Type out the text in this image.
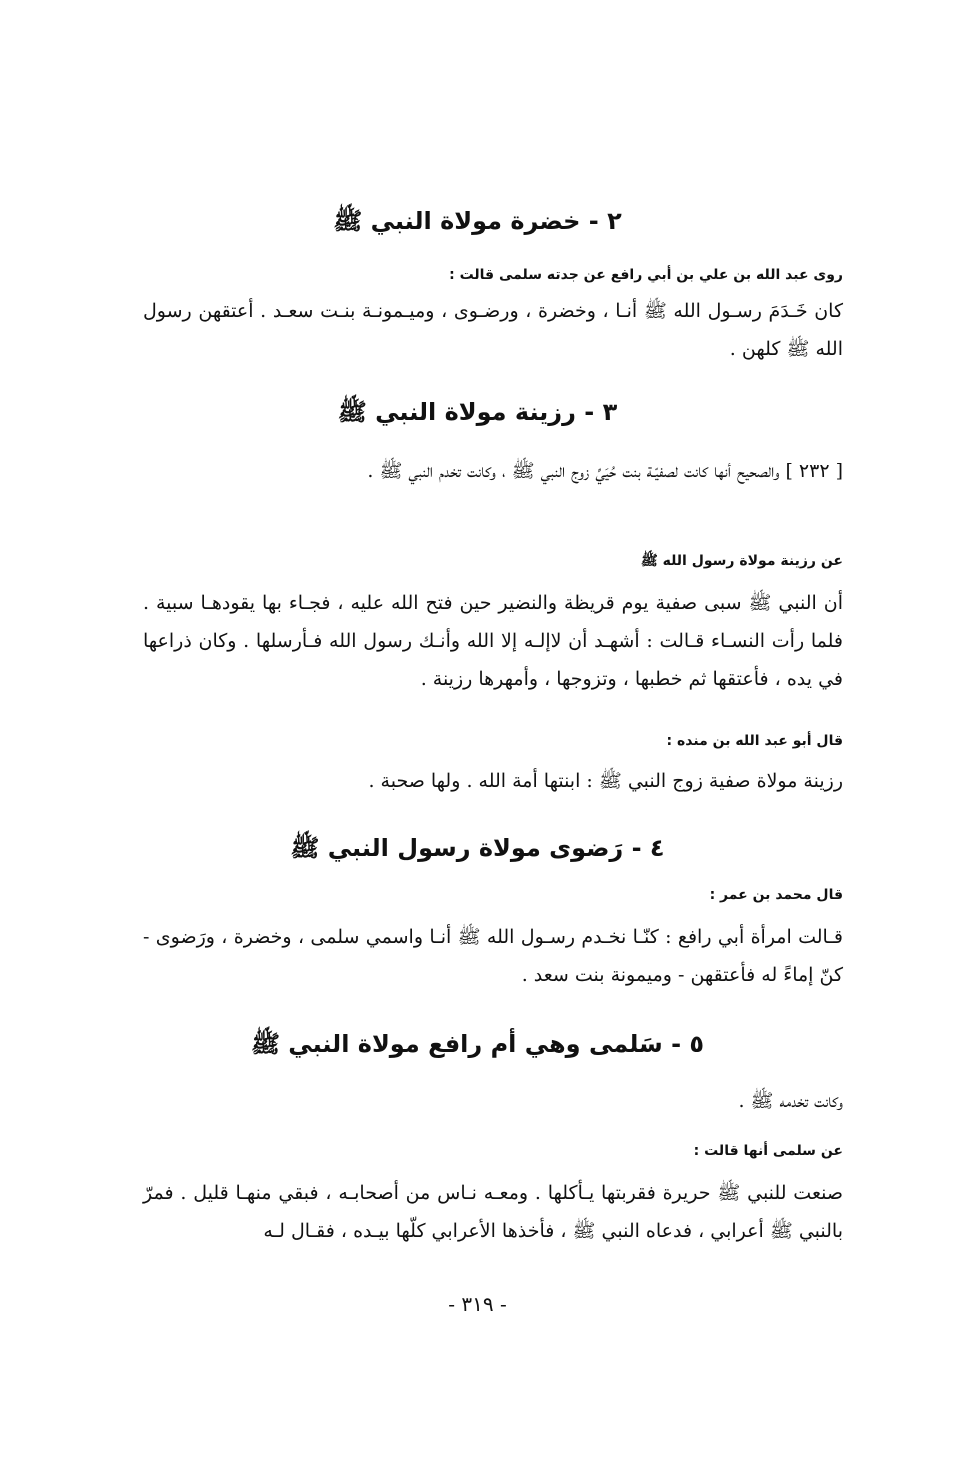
٢ - خضرة مولاة النبي ﷺ
روى عبد الله بن علي بن أبي رافع عن جدته سلمى قالت :
كان خَـدَمَ رسـول الله ﷺ أنـا ، وخضرة ، ورضـوى ، وميـمونـة بنـت سعـد . أعتقهن رسول الله ﷺ كلهن .
٣ - رزينة مولاة النبي ﷺ
[ ٢٣٢ ] والصحيح أنها كانت لصفيّـة بنت حُيَيِّ زوج النبي ﷺ ، وكانت تخدم النبي ﷺ .
عن رزينة مولاة رسول الله ﷺ
أن النبي ﷺ سبى صفية يوم قريظة والنضير حين فتح الله عليه ، فجـاء بها يقودهـا سبية . فلما رأت النسـاء قـالت : أشهـد أن لاإلـه إلا الله وأنـك رسول الله فـأرسلها . وكان ذراعها في يده ، فأعتقها ثم خطبها ، وتزوجها ، وأمهرها رزينة .
قال أبو عبد الله بن منده :
رزينة مولاة صفية زوج النبي ﷺ : ابنتها أمة الله . ولها صحبة .
٤ - رَضوى مولاة رسول النبي ﷺ
قال محمد بن عمر :
قـالت امرأة أبي رافع : كنّـا نخـدم رسـول الله ﷺ أنـا واسمي سلمى ، وخضرة ، ورَضوى - كنّ إماءً له فأعتقهن - وميمونة بنت سعد .
٥ - سَلمى وهي أم رافع مولاة النبي ﷺ
وكانت تخدمه ﷺ .
عن سلمى أنها قالت :
صنعت للنبي ﷺ حريرة فقربتها يـأكلها . ومعـه نـاس من أصحابـه ، فبقي منهـا قليل . فمرّ بالنبي ﷺ أعرابي ، فدعاه النبي ﷺ ، فأخذها الأعرابي كلّها بيـده ، فقـال لـه
- ٣١٩ -
